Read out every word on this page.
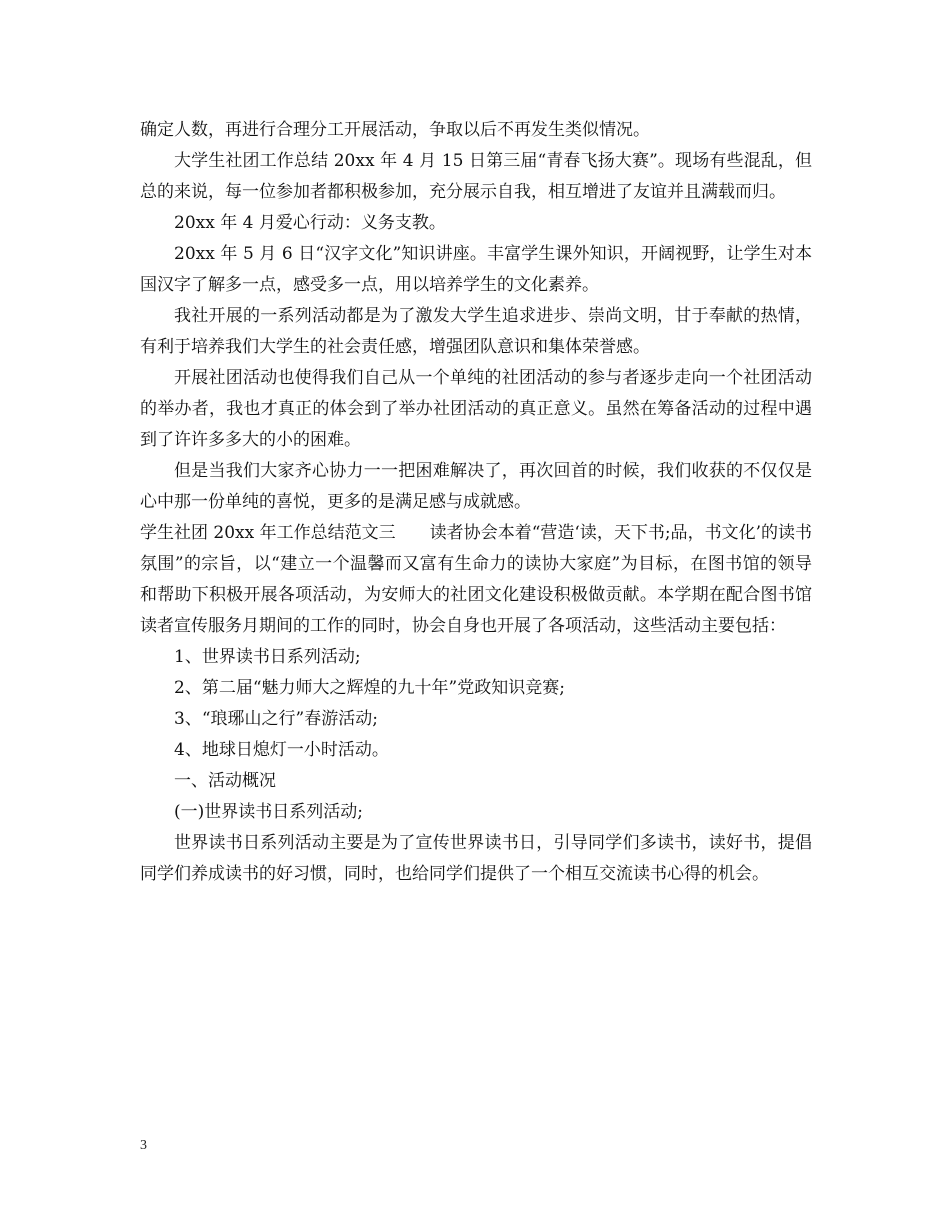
确定人数，再进行合理分工开展活动，争取以后不再发生类似情况。

大学生社团工作总结 20xx 年 4 月 15 日第三届“青春飞扬大赛”。现场有些混乱，但总的来说，每一位参加者都积极参加，充分展示自我，相互增进了友谊并且满载而归。

20xx 年 4 月爱心行动：义务支教。

20xx 年 5 月 6 日“汉字文化”知识讲座。丰富学生课外知识，开阔视野，让学生对本国汉字了解多一点，感受多一点，用以培养学生的文化素养。

我社开展的一系列活动都是为了激发大学生追求进步、崇尚文明，甘于奉献的热情，有利于培养我们大学生的社会责任感，增强团队意识和集体荣誉感。

开展社团活动也使得我们自己从一个单纯的社团活动的参与者逐步走向一个社团活动的举办者，我也才真正的体会到了举办社团活动的真正意义。虽然在筹备活动的过程中遇到了许许多多大的小的困难。

但是当我们大家齐心协力一一把困难解决了，再次回首的时候，我们收获的不仅仅是心中那一份单纯的喜悦，更多的是满足感与成就感。

学生社团 20xx 年工作总结范文三　　读者协会本着“营造‘读，天下书;品，书文化’的读书氛围”的宗旨，以“建立一个温馨而又富有生命力的读协大家庭”为目标，在图书馆的领导和帮助下积极开展各项活动，为安师大的社团文化建设积极做贡献。本学期在配合图书馆读者宣传服务月期间的工作的同时，协会自身也开展了各项活动，这些活动主要包括：

1、世界读书日系列活动;

2、第二届“魅力师大之辉煌的九十年”党政知识竞赛;

3、“琅琊山之行”春游活动;

4、地球日熄灯一小时活动。

一、活动概况

(一)世界读书日系列活动;

世界读书日系列活动主要是为了宣传世界读书日，引导同学们多读书，读好书，提倡同学们养成读书的好习惯，同时，也给同学们提供了一个相互交流读书心得的机会。

3
